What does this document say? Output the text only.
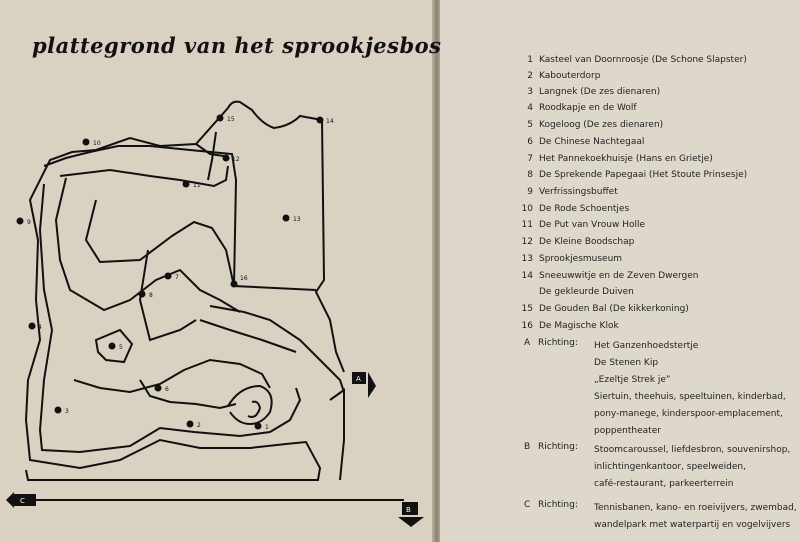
plattegrond van het sprookjesbos
A
B
C
1
2
3
4
5
6
7
8
9
10
11
12
13
14
15
16
1 Kasteel van Doornroosje (De Schone Slapster)
2 Kabouterdorp
3 Langnek (De zes dienaren)
4 Roodkapje en de Wolf
5 Kogeloog (De zes dienaren)
6 De Chinese Nachtegaal
7 Het Pannekoekhuisje (Hans en Grietje)
8 De Sprekende Papegaai (Het Stoute Prinsesje)
9 Verfrissingsbuffet
10 De Rode Schoentjes
11 De Put van Vrouw Holle
12 De Kleine Boodschap
13 Sprookjesmuseum
14 Sneeuwwitje en de Zeven Dwergen
De gekleurde Duiven
15 De Gouden Bal (De kikkerkoning)
16 De Magische Klok
A Richting: Het Ganzenhoedstertje
De Stenen Kip
„Ezeltje Strek je”
Siertuin, theehuis, speeltuinen, kinderbad,
pony-manege, kinderspoor-emplacement,
poppentheater
B Richting: Stoomcaroussel, liefdesbron, souvenirshop,
inlichtingenkantoor, speelweiden,
café-restaurant, parkeerterrein
C Richting: Tennisbanen, kano- en roeivijvers, zwembad,
wandelpark met waterpartij en vogelvijvers
